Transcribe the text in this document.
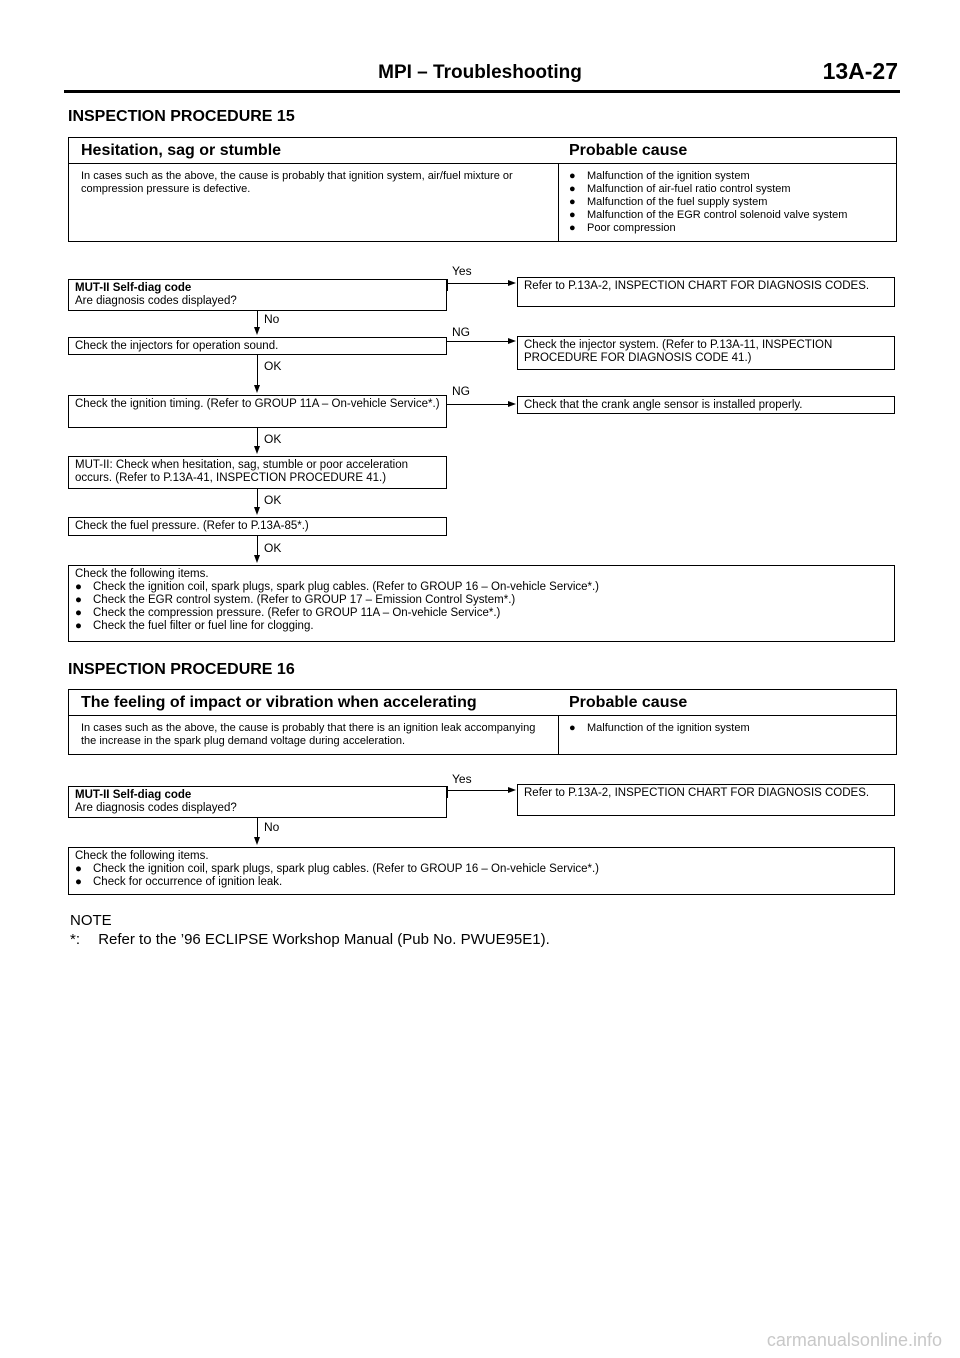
MPI – Troubleshooting	13A-27
INSPECTION PROCEDURE 15
Hesitation, sag or stumble	Probable cause
In cases such as the above, the cause is probably that ignition system, air/fuel mixture or compression pressure is defective.
●	Malfunction of the ignition system
●	Malfunction of air-fuel ratio control system
●	Malfunction of the fuel supply system
●	Malfunction of the EGR control solenoid valve system
●	Poor compression
MUT-II Self-diag code
Are diagnosis codes displayed?
Yes
Refer to P.13A-2, INSPECTION CHART FOR DIAGNOSIS CODES.
No
Check the injectors for operation sound.
NG
Check the injector system. (Refer to P.13A-11, INSPECTION PROCEDURE FOR DIAGNOSIS CODE 41.)
OK
Check the ignition timing. (Refer to GROUP 11A – On-vehicle Service*.)
NG
Check that the crank angle sensor is installed properly.
OK
MUT-II: Check when hesitation, sag, stumble or poor acceleration occurs. (Refer to P.13A-41, INSPECTION PROCEDURE 41.)
OK
Check the fuel pressure. (Refer to P.13A-85*.)
OK
Check the following items.
● Check the ignition coil, spark plugs, spark plug cables. (Refer to GROUP 16 – On-vehicle Service*.)
● Check the EGR control system. (Refer to GROUP 17 – Emission Control System*.)
● Check the compression pressure. (Refer to GROUP 11A – On-vehicle Service*.)
● Check the fuel filter or fuel line for clogging.
INSPECTION PROCEDURE 16
The feeling of impact or vibration when accelerating	Probable cause
In cases such as the above, the cause is probably that there is an ignition leak accompanying the increase in the spark plug demand voltage during acceleration.
●	Malfunction of the ignition system
MUT-II Self-diag code
Are diagnosis codes displayed?
Yes
Refer to P.13A-2, INSPECTION CHART FOR DIAGNOSIS CODES.
No
Check the following items.
● Check the ignition coil, spark plugs, spark plug cables. (Refer to GROUP 16 – On-vehicle Service*.)
● Check for occurrence of ignition leak.
NOTE
*: Refer to the ’96 ECLIPSE Workshop Manual (Pub No. PWUE95E1).
carmanualsonline.info
